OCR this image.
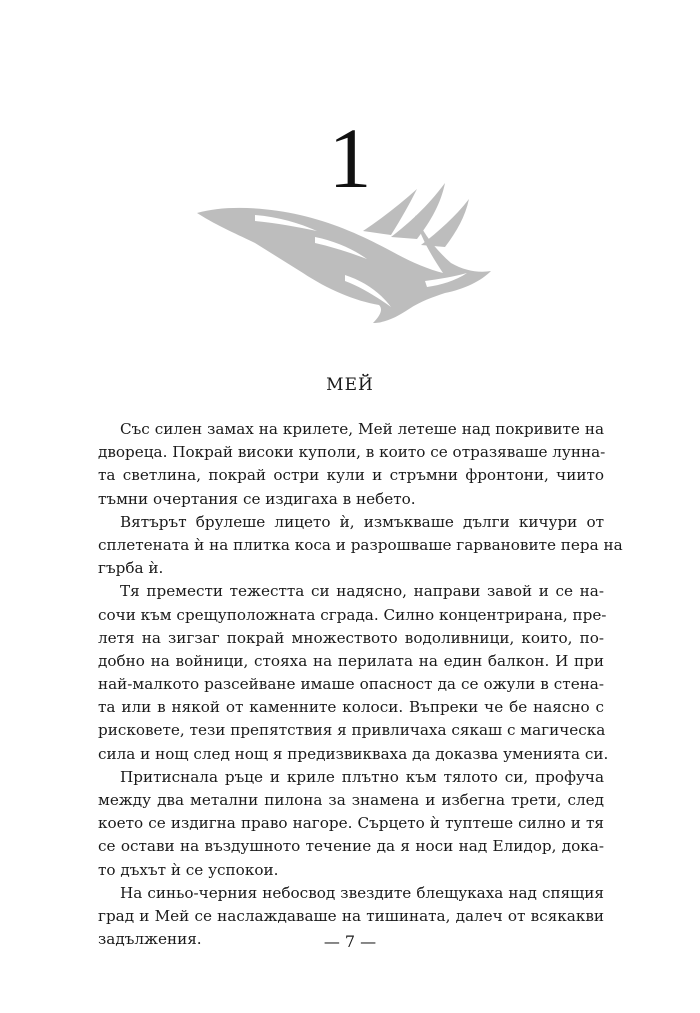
1
МЕЙ
Със силен замах на крилете, Мей летеше над покривите на
двореца. Покрай високи куполи, в които се отразяваше лунна-
та светлина, покрай остри кули и стръмни фронтони, чиито
тъмни очертания се издигаха в небето.
Вятърът брулеше лицето ѝ, измъкваше дълги кичури от
сплетената ѝ на плитка коса и разрошваше гарвановите пера на
гърба ѝ.
Тя премести тежестта си надясно, направи завой и се на-
сочи към срещуположната сграда. Силно концентрирана, пре-
летя на зигзаг покрай множеството водоливници, които, по-
добно на войници, стояха на перилата на един балкон. И при
най-малкото разсейване имаше опасност да се ожули в стена-
та или в някой от каменните колоси. Въпреки че бе наясно с
рисковете, тези препятствия я привличаха сякаш с магическа
сила и нощ след нощ я предизвикваха да доказва уменията си.
Притиснала ръце и криле плътно към тялото си, профуча
между два метални пилона за знамена и избегна трети, след
което се издигна право нагоре. Сърцето ѝ туптеше силно и тя
се остави на въздушното течение да я носи над Елидор, дока-
то дъхът ѝ се успокои.
На синьо-черния небосвод звездите блещукаха над спящия
град и Мей се наслаждаваше на тишината, далеч от всякакви
задължения.	— 7 —
